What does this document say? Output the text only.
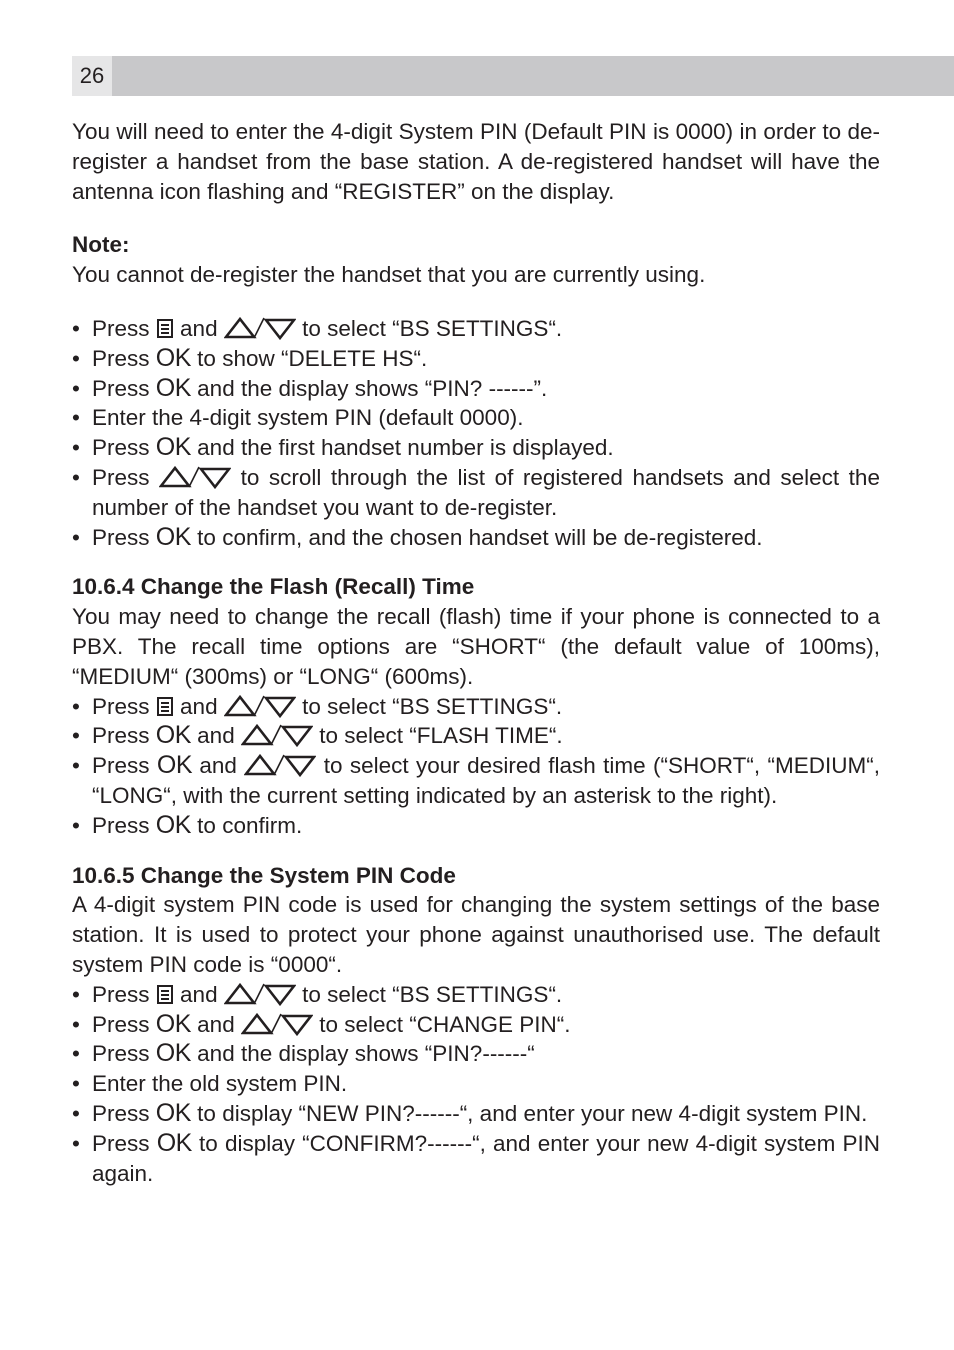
26

You will need to enter the 4-digit System PIN (Default PIN is 0000) in order to de-register a handset from the base station. A de-registered handset will have the antenna icon flashing and “REGISTER” on the display.

Note:

You cannot de-register the handset that you are currently using.

• Press and	to select “BS SETTINGS“.
• Press OK to show “DELETE HS“.
• Press OK and the display shows “PIN? ------”.
• Enter the 4-digit system PIN (default 0000).
• Press OK and the first handset number is displayed.
• Press	to scroll through the list of registered handsets and select the number of the handset you want to de-register.
• Press OK to confirm, and the chosen handset will be de-registered.

10.6.4 Change the Flash (Recall) Time

You may need to change the recall (flash) time if your phone is connected to a PBX. The recall time options are “SHORT“ (the default value of 100ms), “MEDIUM“ (300ms) or “LONG“ (600ms).

• Press and	to select “BS SETTINGS“.
• Press OK and	to select “FLASH TIME“.
• Press OK and	to select your desired flash time (“SHORT“, “MEDIUM“, “LONG“, with the current setting indicated by an asterisk to the right).
• Press OK to confirm.

10.6.5 Change the System PIN Code

A 4-digit system PIN code is used for changing the system settings of the base station. It is used to protect your phone against unauthorised use. The default system PIN code is “0000“.

• Press and	to select “BS SETTINGS“.
• Press OK and	to select “CHANGE PIN“.
• Press OK and the display shows “PIN?------“
• Enter the old system PIN.
• Press OK to display “NEW PIN?------“, and enter your new 4-digit system PIN.
• Press OK to display “CONFIRM?------“, and enter your new 4-digit system PIN again.
